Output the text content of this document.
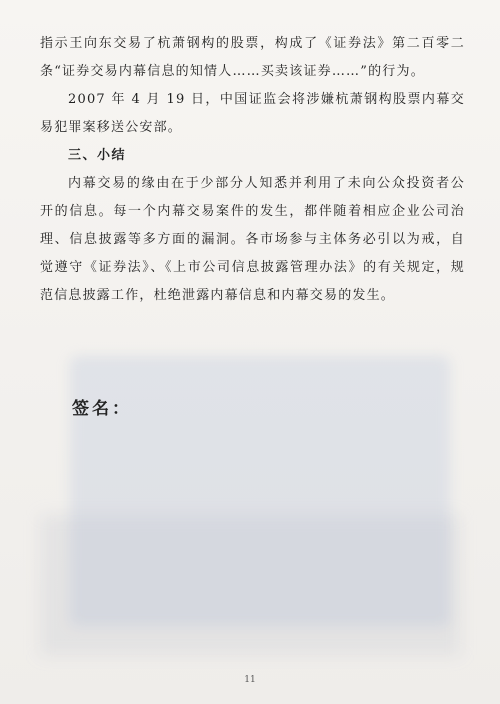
指示王向东交易了杭萧钢构的股票，构成了《证券法》第二百零二条“证券交易内幕信息的知情人……买卖该证券……”的行为。

2007 年 4 月 19 日，中国证监会将涉嫌杭萧钢构股票内幕交易犯罪案移送公安部。

三、小结

内幕交易的缘由在于少部分人知悉并利用了未向公众投资者公开的信息。每一个内幕交易案件的发生，都伴随着相应企业公司治理、信息披露等多方面的漏洞。各市场参与主体务必引以为戒，自觉遵守《证券法》、《上市公司信息披露管理办法》的有关规定，规范信息披露工作，杜绝泄露内幕信息和内幕交易的发生。

签名：
11
